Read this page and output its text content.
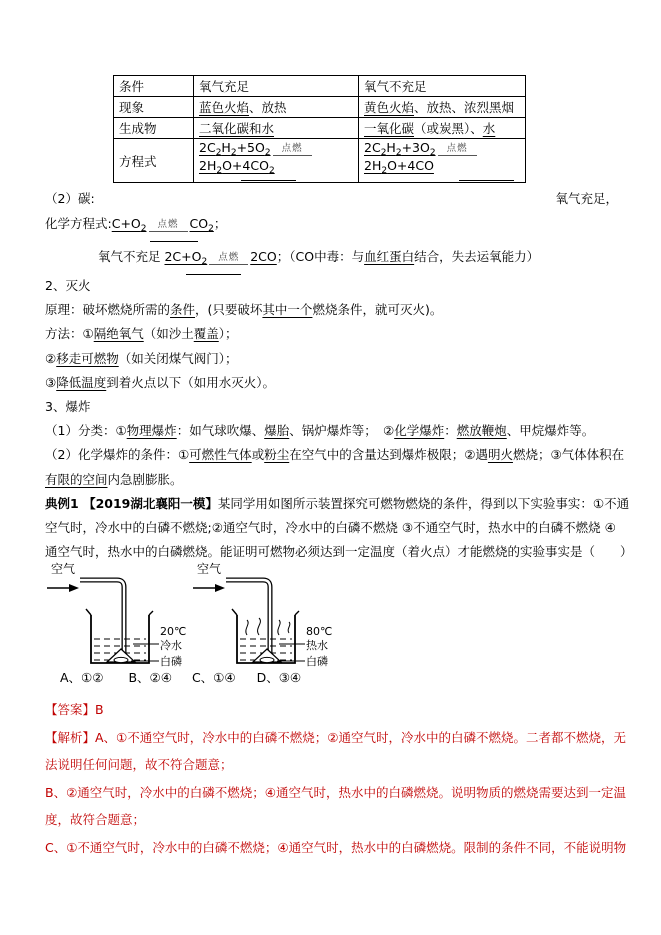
条件	氧气充足	氧气不充足
现象	蓝色火焰、放热	黄色火焰、放热、浓烈黑烟
生成物	二氧化碳和水	一氧化碳（或炭黑）、水
方程式	$2C_2H_2+5O_2$ 点燃$2H_2O+4CO_2$	$2C_2H_2+3O_2$ 点燃$2H_2O+4CO$
（2）碳:	氧气充足，
化学方程式$:C+O_2$ 点燃 $CO_2$；
氧气不充足 $2C+O_2$ 点燃 2CO；（CO中毒：与血红蛋白结合，失去运氧能力）
2、灭火
原理：破坏燃烧所需的条件，(只要破坏其中一个燃烧条件，就可灭火)。
方法：①隔绝氧气（如沙土覆盖）；
②移走可燃物（如关闭煤气阀门）；
③降低温度到着火点以下（如用水灭火）。
3、爆炸
（1）分类：①物理爆炸：如气球吹爆、爆胎、锅炉爆炸等；　②化学爆炸：燃放鞭炮、甲烷爆炸等。
（2）化学爆炸的条件：①可燃性气体或粉尘在空气中的含量达到爆炸极限；②遇明火燃烧；③气体体积在
有限的空间内急剧膨胀。
典例1 【2019湖北襄阳一模】某同学用如图所示装置探究可燃物燃烧的条件，得到以下实验事实：①不通
空气时，冷水中的白磷不燃烧;②通空气时，冷水中的白磷不燃烧 ③不通空气时，热水中的白磷不燃烧 ④
通空气时，热水中的白磷燃烧。能证明可燃物必须达到一定温度（着火点）才能燃烧的实验事实是（　　）
空气
20℃
冷水
白磷
空气
80℃
热水
白磷
A、①② B、②④ C、①④ D、③④
【答案】B
【解析】A、①不通空气时，冷水中的白磷不燃烧；②通空气时，冷水中的白磷不燃烧。二者都不燃烧，无
法说明任何问题，故不符合题意；
B、②通空气时，冷水中的白磷不燃烧；④通空气时，热水中的白磷燃烧。说明物质的燃烧需要达到一定温
度，故符合题意；
C、①不通空气时，冷水中的白磷不燃烧；④通空气时，热水中的白磷燃烧。限制的条件不同，不能说明物
